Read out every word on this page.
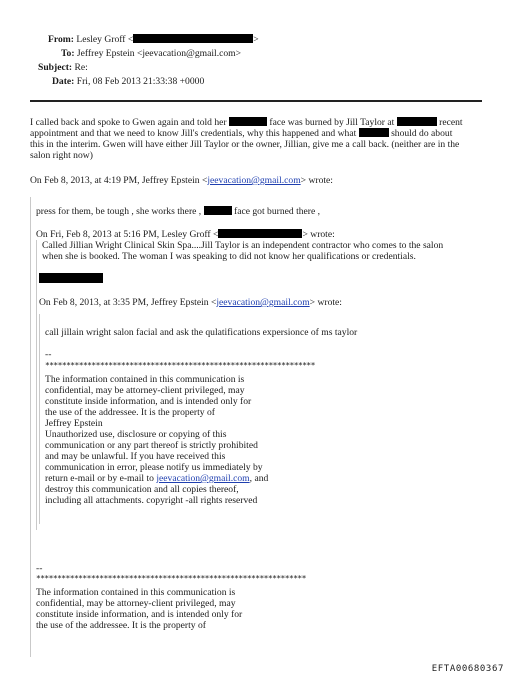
From: Lesley Groff <	>
To: Jeffrey Epstein <jeevacation@gmail.com>
Subject: Re:
Date: Fri, 08 Feb 2013 21:33:38 +0000
I called back and spoke to Gwen again and told her	face was burned by Jill Taylor at	recent
appointment and that we need to know Jill's credentials, why this happened and what	should do about
this in the interim. Gwen will have either Jill Taylor or the owner, Jillian, give me a call back. (neither are in the
salon right now)
On Feb 8, 2013, at 4:19 PM, Jeffrey Epstein <jeevacation@gmail.com> wrote:
press for them, be tough , she works there ,	face got burned there ,
On Fri, Feb 8, 2013 at 5:16 PM, Lesley Groff <	> wrote:
Called Jillian Wright Clinical Skin Spa....Jill Taylor is an independent contractor who comes to the salon
when she is booked. The woman I was speaking to did not know her qualifications or credentials.
On Feb 8, 2013, at 3:35 PM, Jeffrey Epstein <jeevacation@gmail.com> wrote:
call jillain wright salon facial and ask the qulatifications expersionce of ms taylor
--
****************************************************************
The information contained in this communication is
confidential, may be attorney-client privileged, may
constitute inside information, and is intended only for
the use of the addressee. It is the property of
Jeffrey Epstein
Unauthorized use, disclosure or copying of this
communication or any part thereof is strictly prohibited
and may be unlawful. If you have received this
communication in error, please notify us immediately by
return e-mail or by e-mail to jeevacation@gmail.com, and
destroy this communication and all copies thereof,
including all attachments. copyright -all rights reserved
--
****************************************************************
The information contained in this communication is
confidential, may be attorney-client privileged, may
constitute inside information, and is intended only for
the use of the addressee. It is the property of
EFTA00680367
